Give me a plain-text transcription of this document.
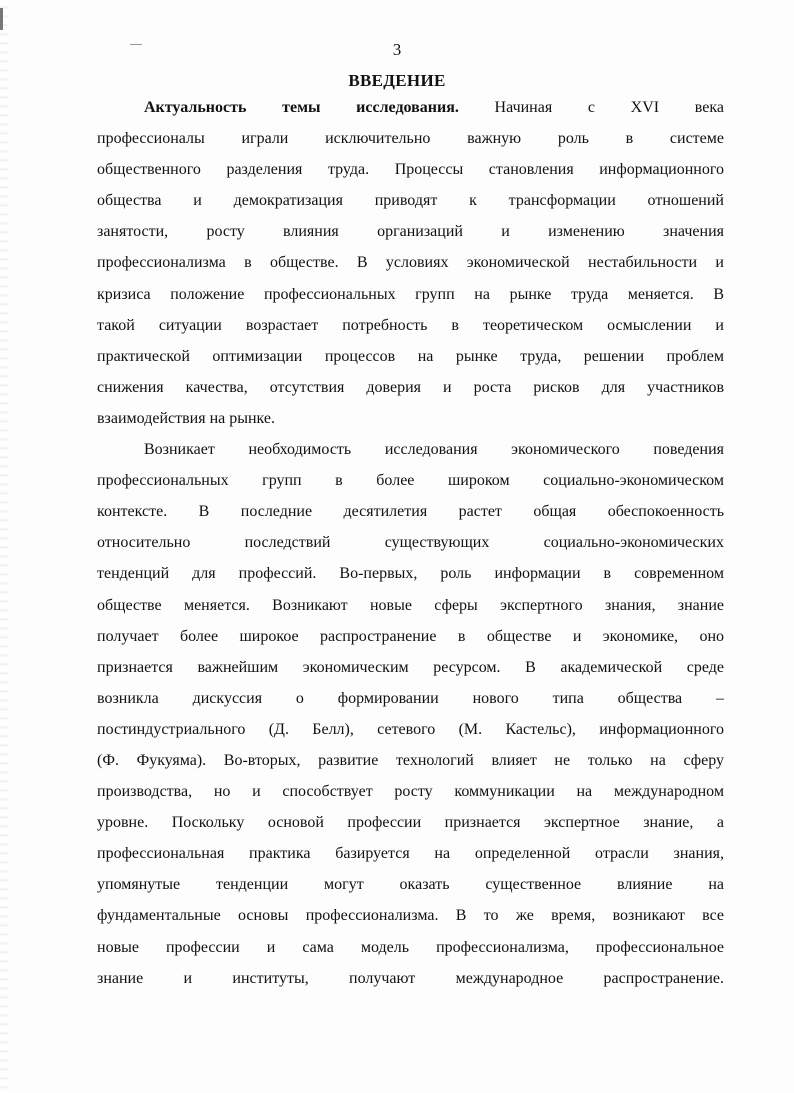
3
ВВЕДЕНИЕ
Актуальность темы исследования. Начиная с XVI века
профессионалы играли исключительно важную роль в системе
общественного разделения труда. Процессы становления информационного
общества и демократизация приводят к трансформации отношений
занятости, росту влияния организаций и изменению значения
профессионализма в обществе. В условиях экономической нестабильности и
кризиса положение профессиональных групп на рынке труда меняется. В
такой ситуации возрастает потребность в теоретическом осмыслении и
практической оптимизации процессов на рынке труда, решении проблем
снижения качества, отсутствия доверия и роста рисков для участников
взаимодействия на рынке.
Возникает необходимость исследования экономического поведения
профессиональных групп в более широком социально-экономическом
контексте. В последние десятилетия растет общая обеспокоенность
относительно последствий существующих социально-экономических
тенденций для профессий. Во-первых, роль информации в современном
обществе меняется. Возникают новые сферы экспертного знания, знание
получает более широкое распространение в обществе и экономике, оно
признается важнейшим экономическим ресурсом. В академической среде
возникла дискуссия о формировании нового типа общества –
постиндустриального (Д. Белл), сетевого (М. Кастельс), информационного
(Ф. Фукуяма). Во-вторых, развитие технологий влияет не только на сферу
производства, но и способствует росту коммуникации на международном
уровне. Поскольку основой профессии признается экспертное знание, а
профессиональная практика базируется на определенной отрасли знания,
упомянутые тенденции могут оказать существенное влияние на
фундаментальные основы профессионализма. В то же время, возникают все
новые профессии и сама модель профессионализма, профессиональное
знание и институты, получают международное распространение.
